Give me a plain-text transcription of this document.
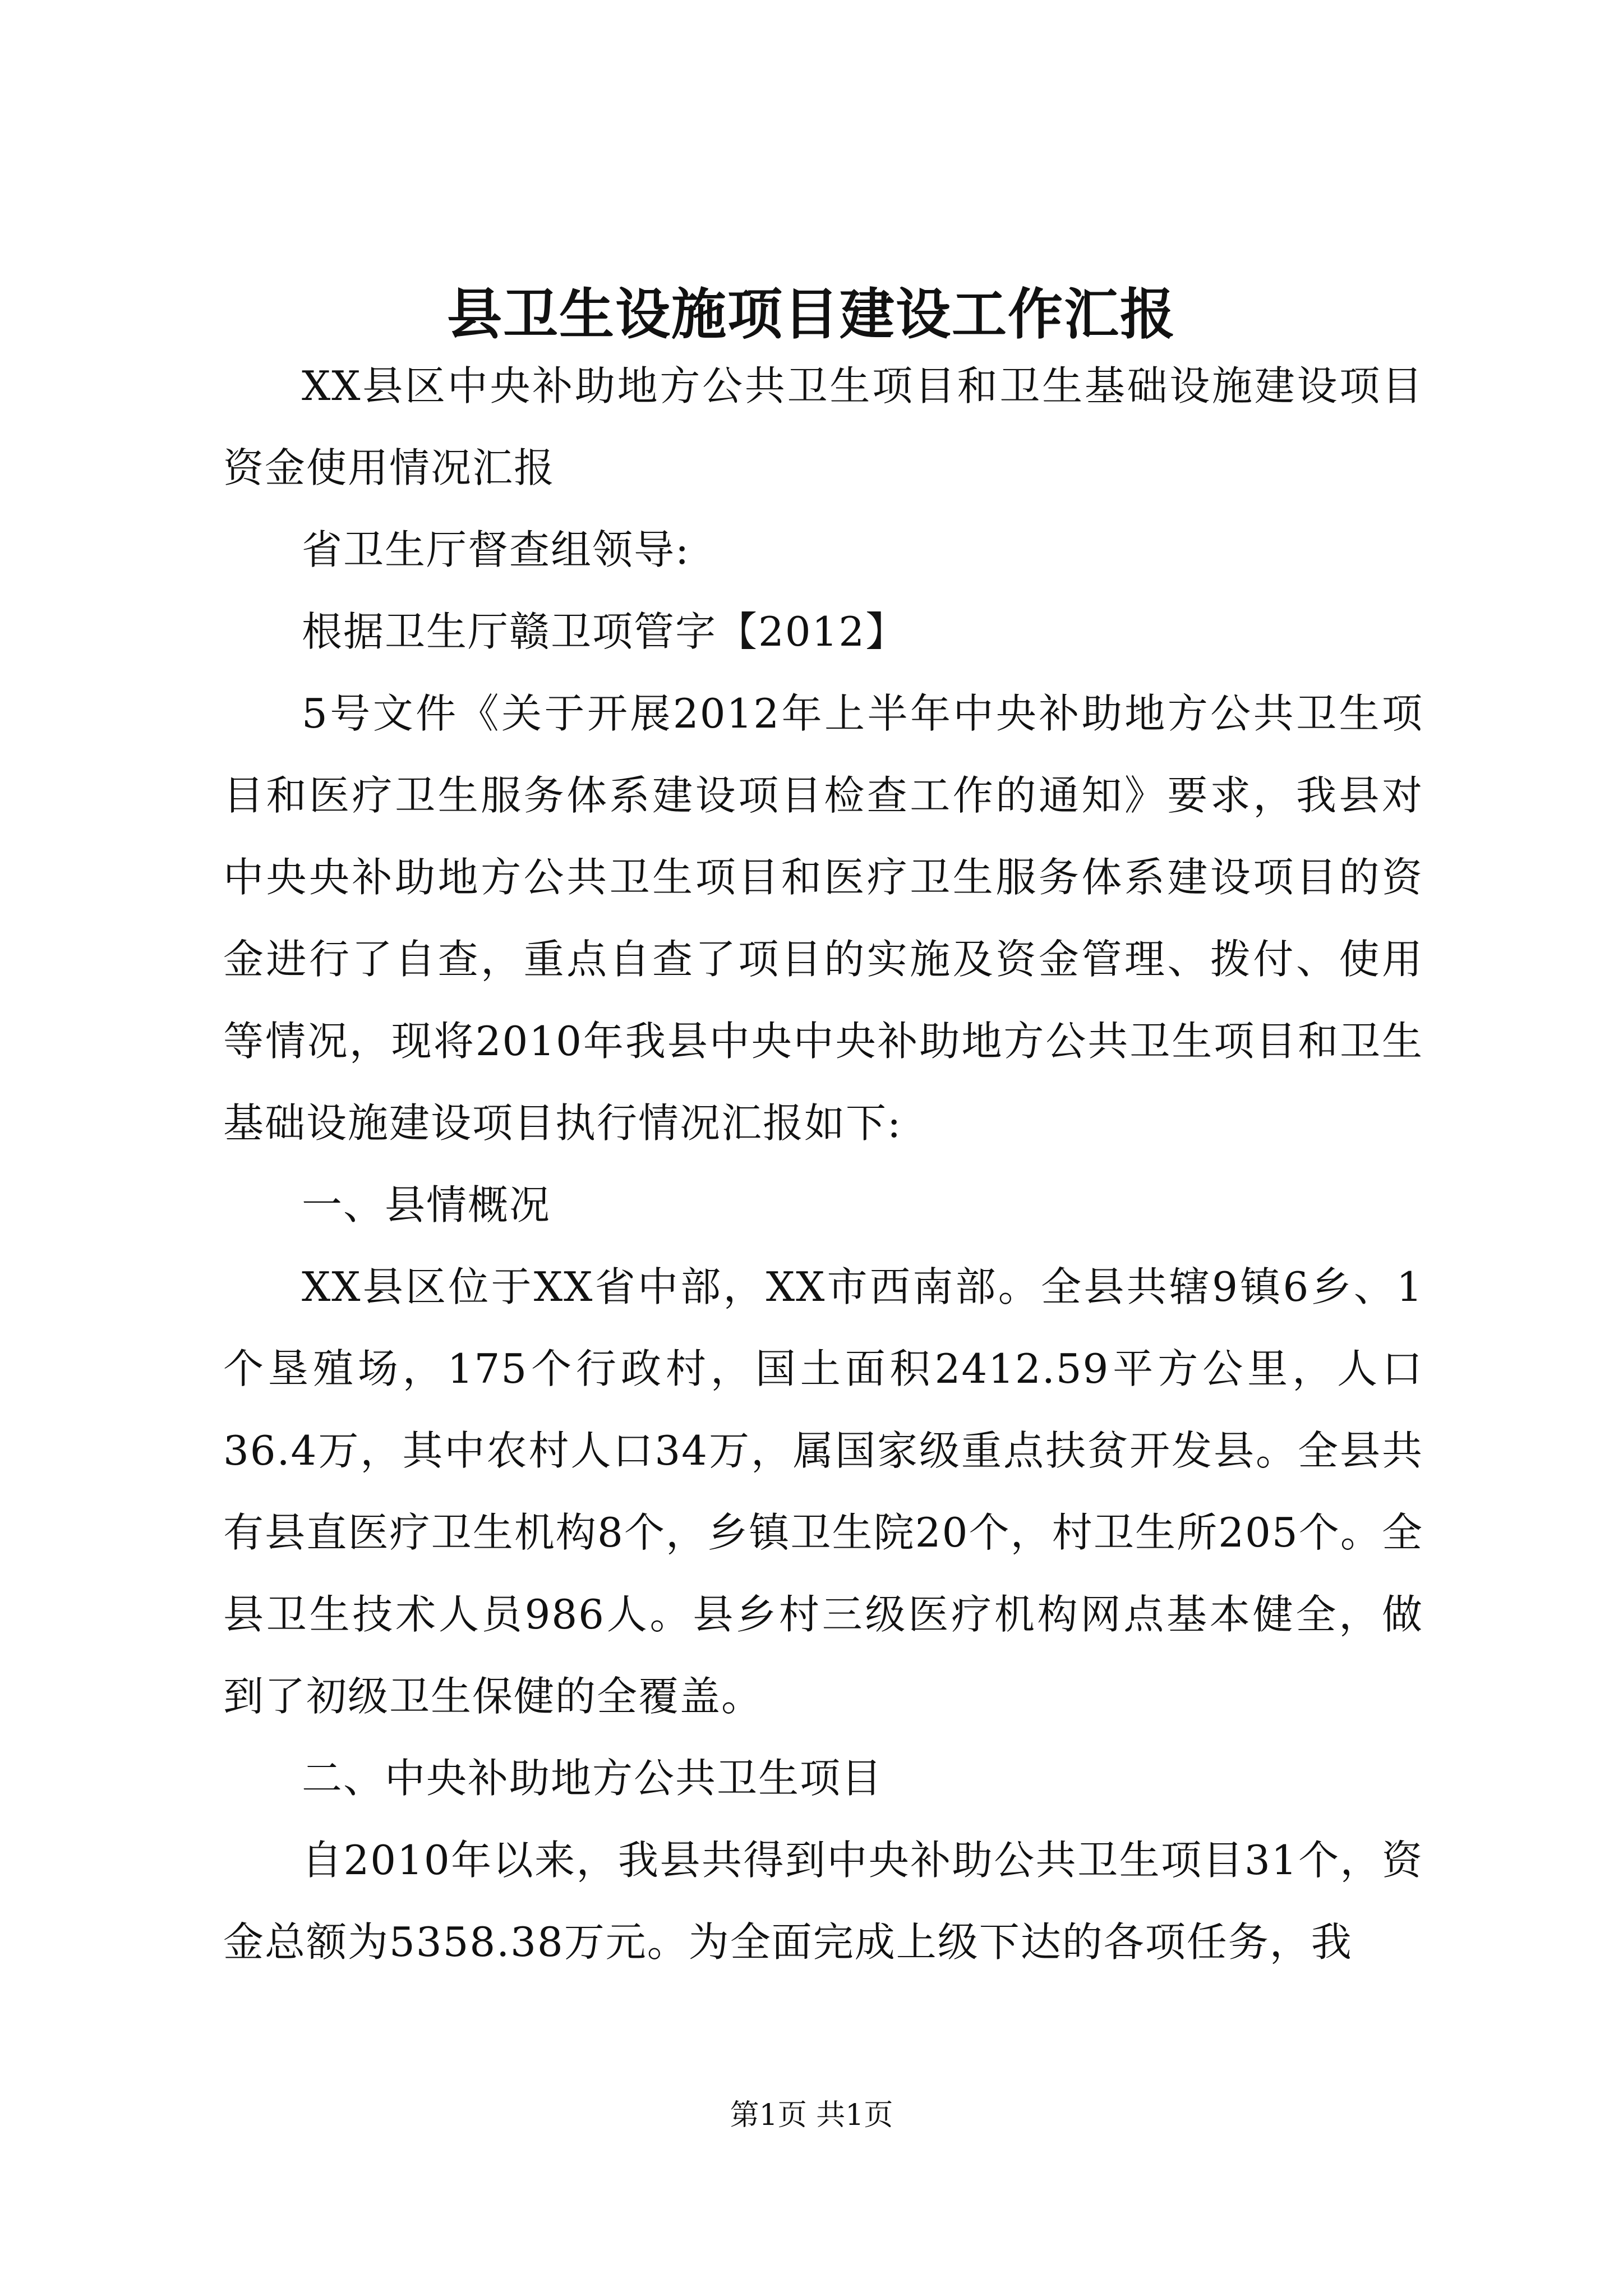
县卫生设施项目建设工作汇报

XX县区中央补助地方公共卫生项目和卫生基础设施建设项目资金使用情况汇报

省卫生厅督查组领导:

根据卫生厅赣卫项管字【2012】

5号文件《关于开展2012年上半年中央补助地方公共卫生项目和医疗卫生服务体系建设项目检查工作的通知》要求，我县对中央央补助地方公共卫生项目和医疗卫生服务体系建设项目的资金进行了自查，重点自查了项目的实施及资金管理、拨付、使用等情况，现将2010年我县中央中央补助地方公共卫生项目和卫生基础设施建设项目执行情况汇报如下:

一、县情概况

XX县区位于XX省中部，XX市西南部。全县共辖9镇6乡、1个垦殖场，175个行政村，国土面积2412.59平方公里，人口36.4万，其中农村人口34万，属国家级重点扶贫开发县。全县共有县直医疗卫生机构8个，乡镇卫生院20个，村卫生所205个。全县卫生技术人员986人。县乡村三级医疗机构网点基本健全，做到了初级卫生保健的全覆盖。

二、中央补助地方公共卫生项目

自2010年以来，我县共得到中央补助公共卫生项目31个，资金总额为5358.38万元。为全面完成上级下达的各项任务，我

第1页 共1页
